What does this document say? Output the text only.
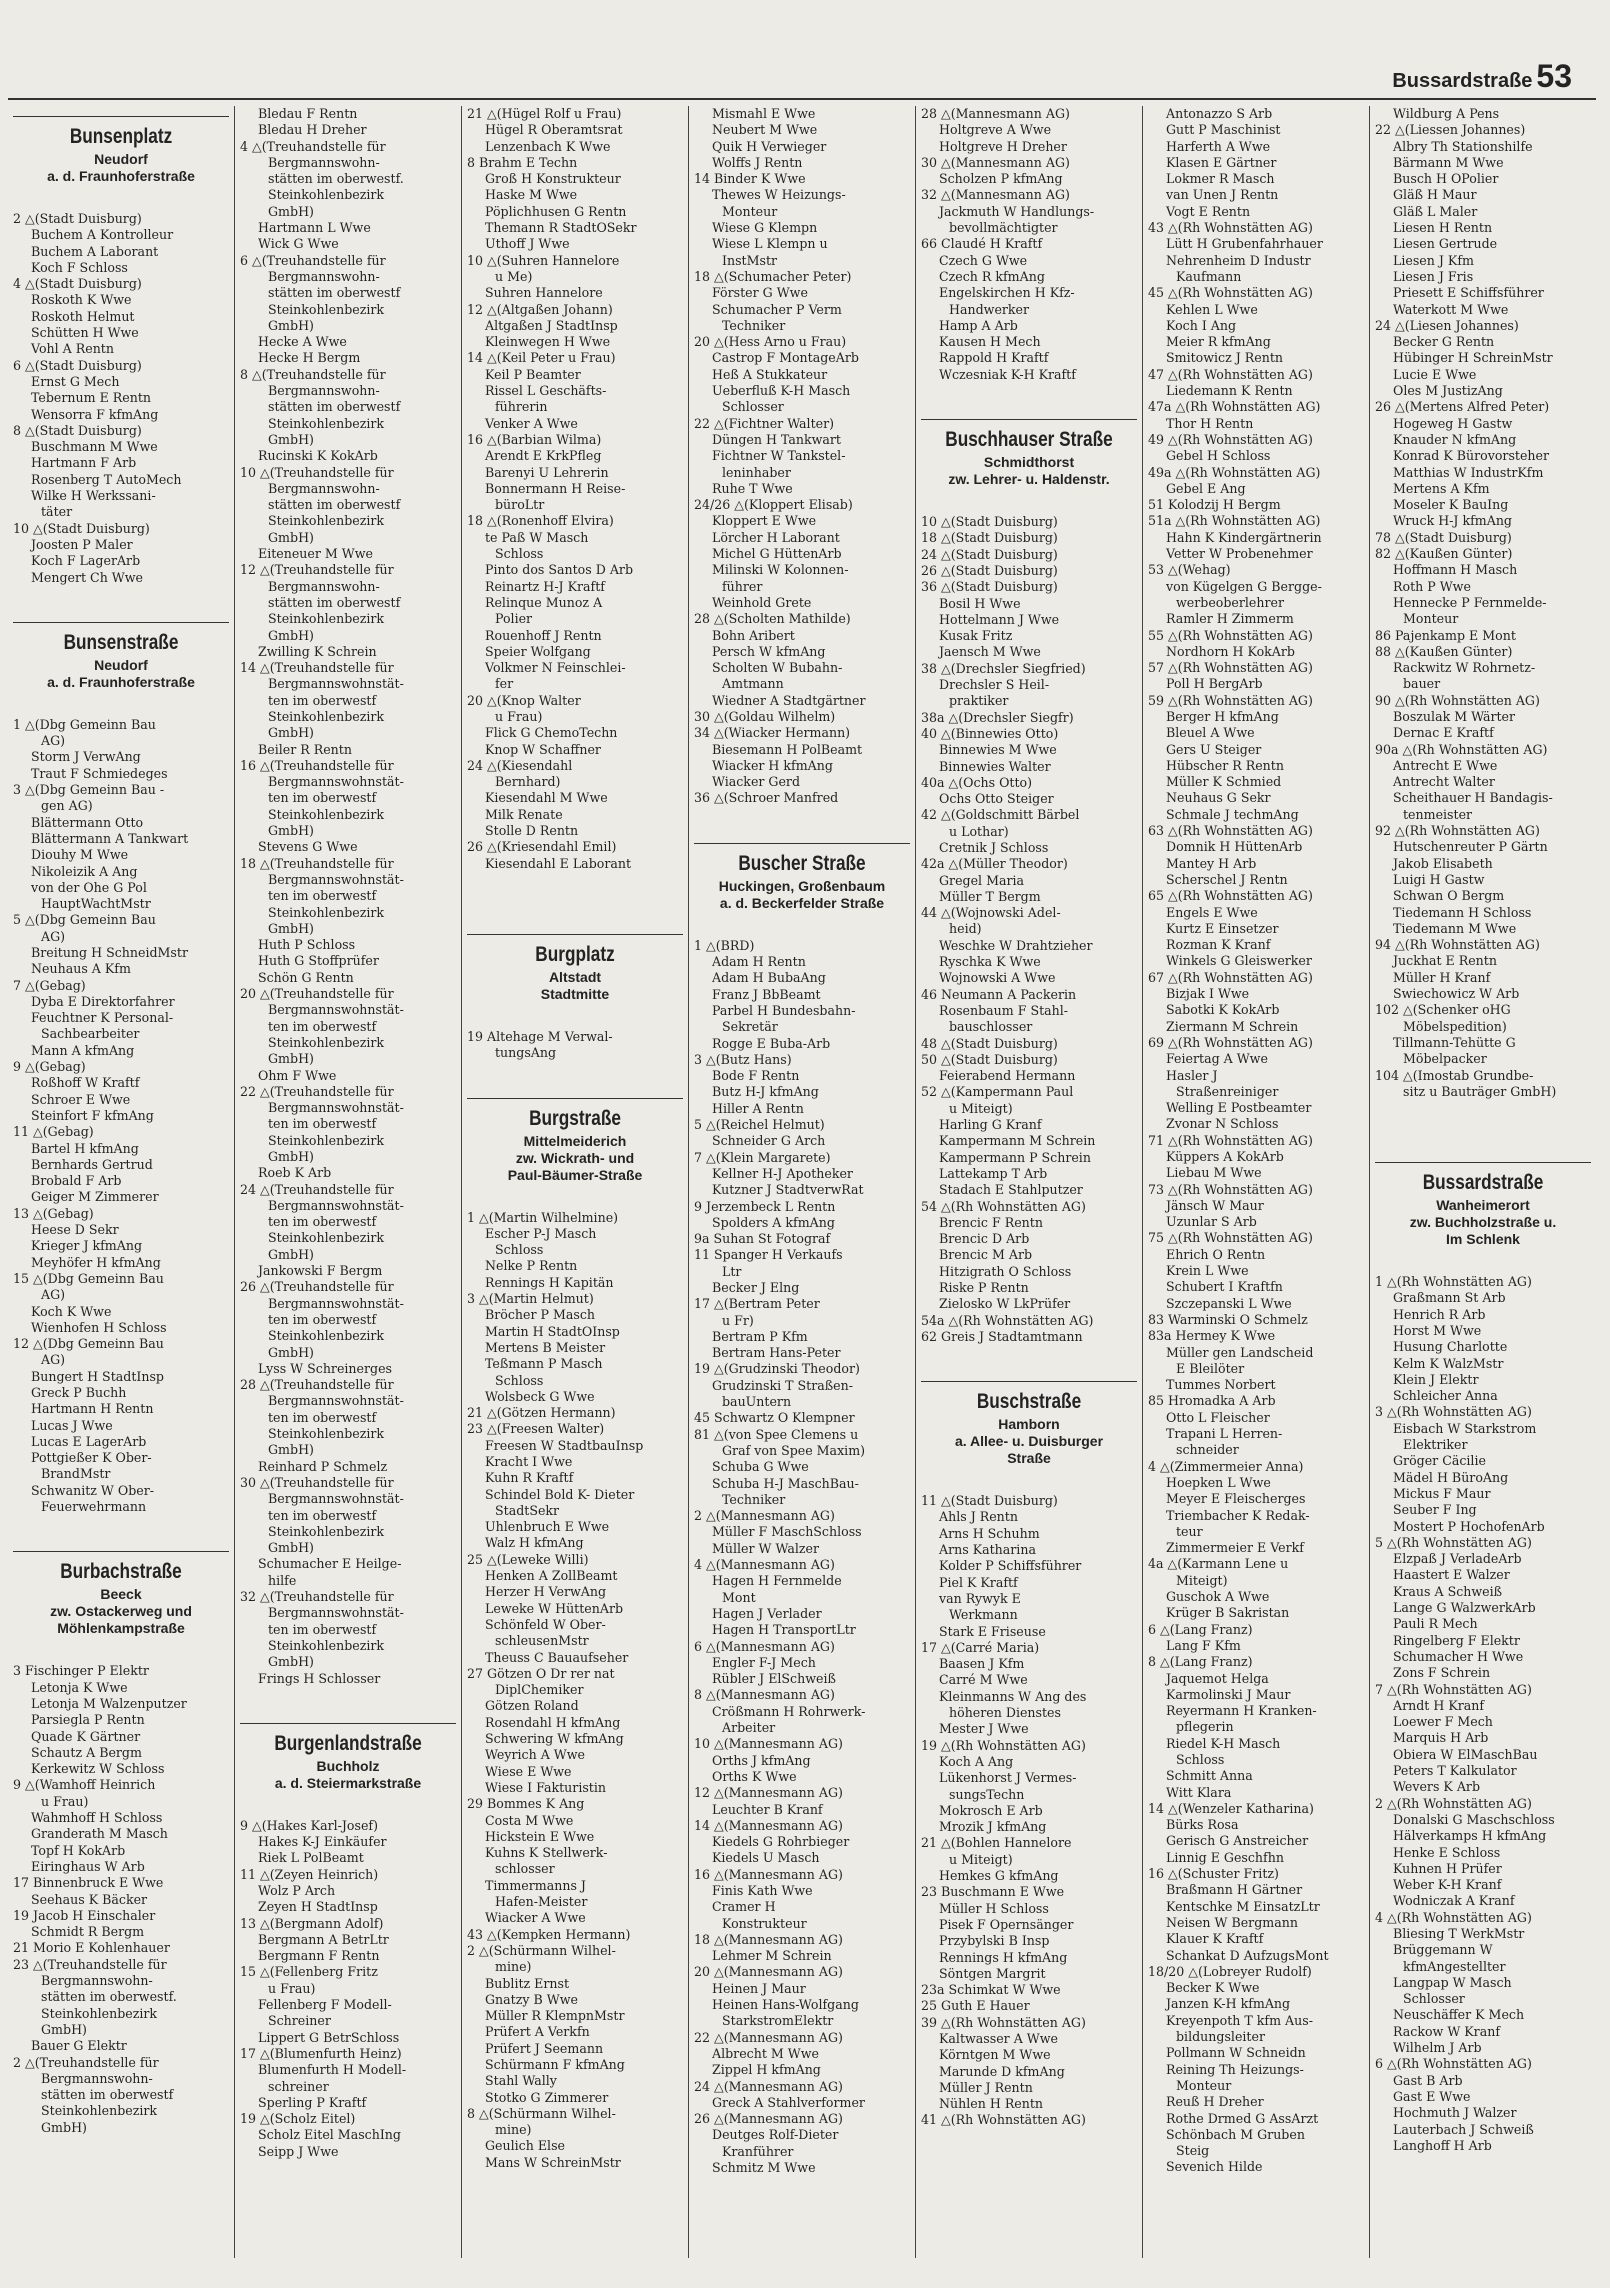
Bussardstraße 53
Bunsenplatz
Neudorf
a. d. Fraunhoferstraße
2 △(Stadt Duisburg)
Buchem A Kontrolleur
Buchem A Laborant
Koch F Schloss
4 △(Stadt Duisburg)
Roskoth K Wwe
Roskoth Helmut
Schütten H Wwe
Vohl A Rentn
6 △(Stadt Duisburg)
Ernst G Mech
Tebernum E Rentn
Wensorra F kfmAng
8 △(Stadt Duisburg)
Buschmann M Wwe
Hartmann F Arb
Rosenberg T AutoMech
Wilke H Werkssani-
täter
10 △(Stadt Duisburg)
Joosten P Maler
Koch F LagerArb
Mengert Ch Wwe
Bunsenstraße
Neudorf
a. d. Fraunhoferstraße
1 △(Dbg Gemeinn Bau
AG)
Storm J VerwAng
Traut F Schmiedeges
3 △(Dbg Gemeinn Bau -
gen AG)
Blättermann Otto
Blättermann A Tankwart
Diouhy M Wwe
Nikoleizik A Ang
von der Ohe G Pol
HauptWachtMstr
5 △(Dbg Gemeinn Bau
AG)
Breitung H SchneidMstr
Neuhaus A Kfm
7 △(Gebag)
Dyba E Direktorfahrer
Feuchtner K Personal-
Sachbearbeiter
Mann A kfmAng
9 △(Gebag)
Roßhoff W Kraftf
Schroer E Wwe
Steinfort F kfmAng
11 △(Gebag)
Bartel H kfmAng
Bernhards Gertrud
Brobald F Arb
Geiger M Zimmerer
13 △(Gebag)
Heese D Sekr
Krieger J kfmAng
Meyhöfer H kfmAng
15 △(Dbg Gemeinn Bau
AG)
Koch K Wwe
Wienhofen H Schloss
12 △(Dbg Gemeinn Bau
AG)
Bungert H StadtInsp
Greck P Buchh
Hartmann H Rentn
Lucas J Wwe
Lucas E LagerArb
Pottgießer K Ober-
BrandMstr
Schwanitz W Ober-
Feuerwehrmann
Burbachstraße
Beeck
zw. Ostackerweg und
Möhlenkampstraße
3 Fischinger P Elektr
Letonja K Wwe
Letonja M Walzenputzer
Parsiegla P Rentn
Quade K Gärtner
Schautz A Bergm
Kerkewitz W Schloss
9 △(Wamhoff Heinrich
u Frau)
Wahmhoff H Schloss
Granderath M Masch
Topf H KokArb
Eiringhaus W Arb
17 Binnenbruck E Wwe
Seehaus K Bäcker
19 Jacob H Einschaler
Schmidt R Bergm
21 Morio E Kohlenhauer
23 △(Treuhandstelle für
Bergmannswohn-
stätten im oberwestf.
Steinkohlenbezirk
GmbH)
Bauer G Elektr
2 △(Treuhandstelle für
Bergmannswohn-
stätten im oberwestf
Steinkohlenbezirk
GmbH)
Bledau F Rentn
Bledau H Dreher
4 △(Treuhandstelle für
Bergmannswohn-
stätten im oberwestf.
Steinkohlenbezirk
GmbH)
Hartmann L Wwe
Wick G Wwe
6 △(Treuhandstelle für
Bergmannswohn-
stätten im oberwestf
Steinkohlenbezirk
GmbH)
Hecke A Wwe
Hecke H Bergm
8 △(Treuhandstelle für
Bergmannswohn-
stätten im oberwestf
Steinkohlenbezirk
GmbH)
Rucinski K KokArb
10 △(Treuhandstelle für
Bergmannswohn-
stätten im oberwestf
Steinkohlenbezirk
GmbH)
Eiteneuer M Wwe
12 △(Treuhandstelle für
Bergmannswohn-
stätten im oberwestf
Steinkohlenbezirk
GmbH)
Zwilling K Schrein
14 △(Treuhandstelle für
Bergmannswohnstät-
ten im oberwestf
Steinkohlenbezirk
GmbH)
Beiler R Rentn
16 △(Treuhandstelle für
Bergmannswohnstät-
ten im oberwestf
Steinkohlenbezirk
GmbH)
Stevens G Wwe
18 △(Treuhandstelle für
Bergmannswohnstät-
ten im oberwestf
Steinkohlenbezirk
GmbH)
Huth P Schloss
Huth G Stoffprüfer
Schön G Rentn
20 △(Treuhandstelle für
Bergmannswohnstät-
ten im oberwestf
Steinkohlenbezirk
GmbH)
Ohm F Wwe
22 △(Treuhandstelle für
Bergmannswohnstät-
ten im oberwestf
Steinkohlenbezirk
GmbH)
Roeb K Arb
24 △(Treuhandstelle für
Bergmannswohnstät-
ten im oberwestf
Steinkohlenbezirk
GmbH)
Jankowski F Bergm
26 △(Treuhandstelle für
Bergmannswohnstät-
ten im oberwestf
Steinkohlenbezirk
GmbH)
Lyss W Schreinerges
28 △(Treuhandstelle für
Bergmannswohnstät-
ten im oberwestf
Steinkohlenbezirk
GmbH)
Reinhard P Schmelz
30 △(Treuhandstelle für
Bergmannswohnstät-
ten im oberwestf
Steinkohlenbezirk
GmbH)
Schumacher E Heilge-
hilfe
32 △(Treuhandstelle für
Bergmannswohnstät-
ten im oberwestf
Steinkohlenbezirk
GmbH)
Frings H Schlosser
Burgenlandstraße
Buchholz
a. d. Steiermarkstraße
9 △(Hakes Karl-Josef)
Hakes K-J Einkäufer
Riek L PolBeamt
11 △(Zeyen Heinrich)
Wolz P Arch
Zeyen H StadtInsp
13 △(Bergmann Adolf)
Bergmann A BetrLtr
Bergmann F Rentn
15 △(Fellenberg Fritz
u Frau)
Fellenberg F Modell-
Schreiner
Lippert G BetrSchloss
17 △(Blumenfurth Heinz)
Blumenfurth H Modell-
schreiner
Sperling P Kraftf
19 △(Scholz Eitel)
Scholz Eitel MaschIng
Seipp J Wwe
21 △(Hügel Rolf u Frau)
Hügel R Oberamtsrat
Lenzenbach K Wwe
8 Brahm E Techn
Groß H Konstrukteur
Haske M Wwe
Pöplichhusen G Rentn
Themann R StadtOSekr
Uthoff J Wwe
10 △(Suhren Hannelore
u Me)
Suhren Hannelore
12 △(Altgaßen Johann)
Altgaßen J StadtInsp
Kleinwegen H Wwe
14 △(Keil Peter u Frau)
Keil P Beamter
Rissel L Geschäfts-
führerin
Venker A Wwe
16 △(Barbian Wilma)
Arendt E KrkPfleg
Barenyi U Lehrerin
Bonnermann H Reise-
büroLtr
18 △(Ronenhoff Elvira)
te Paß W Masch
Schloss
Pinto dos Santos D Arb
Reinartz H-J Kraftf
Relinque Munoz A
Polier
Rouenhoff J Rentn
Speier Wolfgang
Volkmer N Feinschlei-
fer
20 △(Knop Walter
u Frau)
Flick G ChemoTechn
Knop W Schaffner
24 △(Kiesendahl
Bernhard)
Kiesendahl M Wwe
Milk Renate
Stolle D Rentn
26 △(Kriesendahl Emil)
Kiesendahl E Laborant
Burgplatz
Altstadt
Stadtmitte
19 Altehage M Verwal-
tungsAng
Burgstraße
Mittelmeiderich
zw. Wickrath- und
Paul-Bäumer-Straße
1 △(Martin Wilhelmine)
Escher P-J Masch
Schloss
Nelke P Rentn
Rennings H Kapitän
3 △(Martin Helmut)
Bröcher P Masch
Martin H StadtOInsp
Mertens B Meister
Teßmann P Masch
Schloss
Wolsbeck G Wwe
21 △(Götzen Hermann)
23 △(Freesen Walter)
Freesen W StadtbauInsp
Kracht I Wwe
Kuhn R Kraftf
Schindel Bold K- Dieter
StadtSekr
Uhlenbruch E Wwe
Walz H kfmAng
25 △(Leweke Willi)
Henken A ZollBeamt
Herzer H VerwAng
Leweke W HüttenArb
Schönfeld W Ober-
schleusenMstr
Theuss C Bauaufseher
27 Götzen O Dr rer nat
DiplChemiker
Götzen Roland
Rosendahl H kfmAng
Schwering W kfmAng
Weyrich A Wwe
Wiese E Wwe
Wiese I Fakturistin
29 Bommes K Ang
Costa M Wwe
Hickstein E Wwe
Kuhns K Stellwerk-
schlosser
Timmermanns J
Hafen-Meister
Wiacker A Wwe
43 △(Kempken Hermann)
2 △(Schürmann Wilhel-
mine)
Bublitz Ernst
Gnatzy B Wwe
Müller R KlempnMstr
Prüfert A Verkfn
Prüfert J Seemann
Schürmann F kfmAng
Stahl Wally
Stotko G Zimmerer
8 △(Schürmann Wilhel-
mine)
Geulich Else
Mans W SchreinMstr
Mismahl E Wwe
Neubert M Wwe
Quik H Verwieger
Wolffs J Rentn
14 Binder K Wwe
Thewes W Heizungs-
Monteur
Wiese G Klempn
Wiese L Klempn u
InstMstr
18 △(Schumacher Peter)
Förster G Wwe
Schumacher P Verm
Techniker
20 △(Hess Arno u Frau)
Castrop F MontageArb
Heß A Stukkateur
Ueberfluß K-H Masch
Schlosser
22 △(Fichtner Walter)
Düngen H Tankwart
Fichtner W Tankstel-
leninhaber
Ruhe T Wwe
24/26 △(Kloppert Elisab)
Kloppert E Wwe
Lörcher H Laborant
Michel G HüttenArb
Milinski W Kolonnen-
führer
Weinhold Grete
28 △(Scholten Mathilde)
Bohn Aribert
Persch W kfmAng
Scholten W Bubahn-
Amtmann
Wiedner A Stadtgärtner
30 △(Goldau Wilhelm)
34 △(Wiacker Hermann)
Biesemann H PolBeamt
Wiacker H kfmAng
Wiacker Gerd
36 △(Schroer Manfred
Buscher Straße
Huckingen, Großenbaum
a. d. Beckerfelder Straße
1 △(BRD)
Adam H Rentn
Adam H BubaAng
Franz J BbBeamt
Parbel H Bundesbahn-
Sekretär
Rogge E Buba-Arb
3 △(Butz Hans)
Bode F Rentn
Butz H-J kfmAng
Hiller A Rentn
5 △(Reichel Helmut)
Schneider G Arch
7 △(Klein Margarete)
Kellner H-J Apotheker
Kutzner J StadtverwRat
9 Jerzembeck L Rentn
Spolders A kfmAng
9a Suhan St Fotograf
11 Spanger H Verkaufs
Ltr
Becker J Elng
17 △(Bertram Peter
u Fr)
Bertram P Kfm
Bertram Hans-Peter
19 △(Grudzinski Theodor)
Grudzinski T Straßen-
bauUntern
45 Schwartz O Klempner
81 △(von Spee Clemens u
Graf von Spee Maxim)
Schuba G Wwe
Schuba H-J MaschBau-
Techniker
2 △(Mannesmann AG)
Müller F MaschSchloss
Müller W Walzer
4 △(Mannesmann AG)
Hagen H Fernmelde
Mont
Hagen J Verlader
Hagen H TransportLtr
6 △(Mannesmann AG)
Engler F-J Mech
Rübler J ElSchweiß
8 △(Mannesmann AG)
Crößmann H Rohrwerk-
Arbeiter
10 △(Mannesmann AG)
Orths J kfmAng
Orths K Wwe
12 △(Mannesmann AG)
Leuchter B Kranf
14 △(Mannesmann AG)
Kiedels G Rohrbieger
Kiedels U Masch
16 △(Mannesmann AG)
Finis Kath Wwe
Cramer H
Konstrukteur
18 △(Mannesmann AG)
Lehmer M Schrein
20 △(Mannesmann AG)
Heinen J Maur
Heinen Hans-Wolfgang
StarkstromElektr
22 △(Mannesmann AG)
Albrecht M Wwe
Zippel H kfmAng
24 △(Mannesmann AG)
Greck A Stahlverformer
26 △(Mannesmann AG)
Deutges Rolf-Dieter
Kranführer
Schmitz M Wwe
28 △(Mannesmann AG)
Holtgreve A Wwe
Holtgreve H Dreher
30 △(Mannesmann AG)
Scholzen P kfmAng
32 △(Mannesmann AG)
Jackmuth W Handlungs-
bevollmächtigter
66 Claudé H Kraftf
Czech G Wwe
Czech R kfmAng
Engelskirchen H Kfz-
Handwerker
Hamp A Arb
Kausen H Mech
Rappold H Kraftf
Wczesniak K-H Kraftf
Buschhauser Straße
Schmidthorst
zw. Lehrer- u. Haldenstr.
10 △(Stadt Duisburg)
18 △(Stadt Duisburg)
24 △(Stadt Duisburg)
26 △(Stadt Duisburg)
36 △(Stadt Duisburg)
Bosil H Wwe
Hottelmann J Wwe
Kusak Fritz
Jaensch M Wwe
38 △(Drechsler Siegfried)
Drechsler S Heil-
praktiker
38a △(Drechsler Siegfr)
40 △(Binnewies Otto)
Binnewies M Wwe
Binnewies Walter
40a △(Ochs Otto)
Ochs Otto Steiger
42 △(Goldschmitt Bärbel
u Lothar)
Cretnik J Schloss
42a △(Müller Theodor)
Gregel Maria
Müller T Bergm
44 △(Wojnowski Adel-
heid)
Weschke W Drahtzieher
Ryschka K Wwe
Wojnowski A Wwe
46 Neumann A Packerin
Rosenbaum F Stahl-
bauschlosser
48 △(Stadt Duisburg)
50 △(Stadt Duisburg)
Feierabend Hermann
52 △(Kampermann Paul
u Miteigt)
Harling G Kranf
Kampermann M Schrein
Kampermann P Schrein
Lattekamp T Arb
Stadach E Stahlputzer
54 △(Rh Wohnstätten AG)
Brencic F Rentn
Brencic D Arb
Brencic M Arb
Hitzigrath O Schloss
Riske P Rentn
Zielosko W LkPrüfer
54a △(Rh Wohnstätten AG)
62 Greis J Stadtamtmann
Buschstraße
Hamborn
a. Allee- u. Duisburger
Straße
11 △(Stadt Duisburg)
Ahls J Rentn
Arns H Schuhm
Arns Katharina
Kolder P Schiffsführer
Piel K Kraftf
van Rywyk E
Werkmann
Stark E Friseuse
17 △(Carré Maria)
Baasen J Kfm
Carré M Wwe
Kleinmanns W Ang des
höheren Dienstes
Mester J Wwe
19 △(Rh Wohnstätten AG)
Koch A Ang
Lükenhorst J Vermes-
sungsTechn
Mokrosch E Arb
Mrozik J kfmAng
21 △(Bohlen Hannelore
u Miteigt)
Hemkes G kfmAng
23 Buschmann E Wwe
Müller H Schloss
Pisek F Opernsänger
Przybylski B Insp
Rennings H kfmAng
Söntgen Margrit
23a Schimkat W Wwe
25 Guth E Hauer
39 △(Rh Wohnstätten AG)
Kaltwasser A Wwe
Körntgen M Wwe
Marunde D kfmAng
Müller J Rentn
Nühlen H Rentn
41 △(Rh Wohnstätten AG)
Antonazzo S Arb
Gutt P Maschinist
Harferth A Wwe
Klasen E Gärtner
Lokmer R Masch
van Unen J Rentn
Vogt E Rentn
43 △(Rh Wohnstätten AG)
Lütt H Grubenfahrhauer
Nehrenheim D Industr
Kaufmann
45 △(Rh Wohnstätten AG)
Kehlen L Wwe
Koch I Ang
Meier R kfmAng
Smitowicz J Rentn
47 △(Rh Wohnstätten AG)
Liedemann K Rentn
47a △(Rh Wohnstätten AG)
Thor H Rentn
49 △(Rh Wohnstätten AG)
Gebel H Schloss
49a △(Rh Wohnstätten AG)
Gebel E Ang
51 Kolodzij H Bergm
51a △(Rh Wohnstätten AG)
Hahn K Kindergärtnerin
Vetter W Probenehmer
53 △(Wehag)
von Kügelgen G Bergge-
werbeoberlehrer
Ramler H Zimmerm
55 △(Rh Wohnstätten AG)
Nordhorn H KokArb
57 △(Rh Wohnstätten AG)
Poll H BergArb
59 △(Rh Wohnstätten AG)
Berger H kfmAng
Bleuel A Wwe
Gers U Steiger
Hübscher R Rentn
Müller K Schmied
Neuhaus G Sekr
Schmale J techmAng
63 △(Rh Wohnstätten AG)
Domnik H HüttenArb
Mantey H Arb
Scherschel J Rentn
65 △(Rh Wohnstätten AG)
Engels E Wwe
Kurtz E Einsetzer
Rozman K Kranf
Winkels G Gleiswerker
67 △(Rh Wohnstätten AG)
Bizjak I Wwe
Sabotki K KokArb
Ziermann M Schrein
69 △(Rh Wohnstätten AG)
Feiertag A Wwe
Hasler J
Straßenreiniger
Welling E Postbeamter
Zvonar N Schloss
71 △(Rh Wohnstätten AG)
Küppers A KokArb
Liebau M Wwe
73 △(Rh Wohnstätten AG)
Jänsch W Maur
Uzunlar S Arb
75 △(Rh Wohnstätten AG)
Ehrich O Rentn
Krein L Wwe
Schubert I Kraftfn
Szczepanski L Wwe
83 Warminski O Schmelz
83a Hermey K Wwe
Müller gen Landscheid
E Bleilöter
Tummes Norbert
85 Hromadka A Arb
Otto L Fleischer
Trapani L Herren-
schneider
4 △(Zimmermeier Anna)
Hoepken L Wwe
Meyer E Fleischerges
Triembacher K Redak-
teur
Zimmermeier E Verkf
4a △(Karmann Lene u
Miteigt)
Guschok A Wwe
Krüger B Sakristan
6 △(Lang Franz)
Lang F Kfm
8 △(Lang Franz)
Jaquemot Helga
Karmolinski J Maur
Reyermann H Kranken-
pflegerin
Riedel K-H Masch
Schloss
Schmitt Anna
Witt Klara
14 △(Wenzeler Katharina)
Bürks Rosa
Gerisch G Anstreicher
Linnig E Geschfhn
16 △(Schuster Fritz)
Braßmann H Gärtner
Kentschke M EinsatzLtr
Neisen W Bergmann
Klauer K Kraftf
Schankat D AufzugsMont
18/20 △(Lobreyer Rudolf)
Becker K Wwe
Janzen K-H kfmAng
Kreyenpoth T kfm Aus-
bildungsleiter
Pollmann W Schneidn
Reining Th Heizungs-
Monteur
Reuß H Dreher
Rothe Drmed G AssArzt
Schönbach M Gruben
Steig
Sevenich Hilde
Wildburg A Pens
22 △(Liessen Johannes)
Albry Th Stationshilfe
Bärmann M Wwe
Busch H OPolier
Gläß H Maur
Gläß L Maler
Liesen H Rentn
Liesen Gertrude
Liesen J Kfm
Liesen J Fris
Priesett E Schiffsführer
Waterkott M Wwe
24 △(Liesen Johannes)
Becker G Rentn
Hübinger H SchreinMstr
Lucie E Wwe
Oles M JustizAng
26 △(Mertens Alfred Peter)
Hogeweg H Gastw
Knauder N kfmAng
Konrad K Bürovorsteher
Matthias W IndustrKfm
Mertens A Kfm
Moseler K BauIng
Wruck H-J kfmAng
78 △(Stadt Duisburg)
82 △(Kaußen Günter)
Hoffmann H Masch
Roth P Wwe
Hennecke P Fernmelde-
Monteur
86 Pajenkamp E Mont
88 △(Kaußen Günter)
Rackwitz W Rohrnetz-
bauer
90 △(Rh Wohnstätten AG)
Boszulak M Wärter
Dernac E Kraftf
90a △(Rh Wohnstätten AG)
Antrecht E Wwe
Antrecht Walter
Scheithauer H Bandagis-
tenmeister
92 △(Rh Wohnstätten AG)
Hutschenreuter P Gärtn
Jakob Elisabeth
Luigi H Gastw
Schwan O Bergm
Tiedemann H Schloss
Tiedemann M Wwe
94 △(Rh Wohnstätten AG)
Juckhat E Rentn
Müller H Kranf
Swiechowicz W Arb
102 △(Schenker oHG
Möbelspedition)
Tillmann-Tehütte G
Möbelpacker
104 △(Imostab Grundbe-
sitz u Bauträger GmbH)
Bussardstraße
Wanheimerort
zw. Buchholzstraße u.
Im Schlenk
1 △(Rh Wohnstätten AG)
Graßmann St Arb
Henrich R Arb
Horst M Wwe
Husung Charlotte
Kelm K WalzMstr
Klein J Elektr
Schleicher Anna
3 △(Rh Wohnstätten AG)
Eisbach W Starkstrom
Elektriker
Gröger Cäcilie
Mädel H BüroAng
Mickus F Maur
Seuber F Ing
Mostert P HochofenArb
5 △(Rh Wohnstätten AG)
Elzpaß J VerladeArb
Haastert E Walzer
Kraus A Schweiß
Lange G WalzwerkArb
Pauli R Mech
Ringelberg F Elektr
Schumacher H Wwe
Zons F Schrein
7 △(Rh Wohnstätten AG)
Arndt H Kranf
Loewer F Mech
Marquis H Arb
Obiera W ElMaschBau
Peters T Kalkulator
Wevers K Arb
2 △(Rh Wohnstätten AG)
Donalski G Maschschloss
Hälverkamps H kfmAng
Henke E Schloss
Kuhnen H Prüfer
Weber K-H Kranf
Wodniczak A Kranf
4 △(Rh Wohnstätten AG)
Bliesing T WerkMstr
Brüggemann W
kfmAngestellter
Langpap W Masch
Schlosser
Neuschäffer K Mech
Rackow W Kranf
Wilhelm J Arb
6 △(Rh Wohnstätten AG)
Gast B Arb
Gast E Wwe
Hochmuth J Walzer
Lauterbach J Schweiß
Langhoff H Arb
